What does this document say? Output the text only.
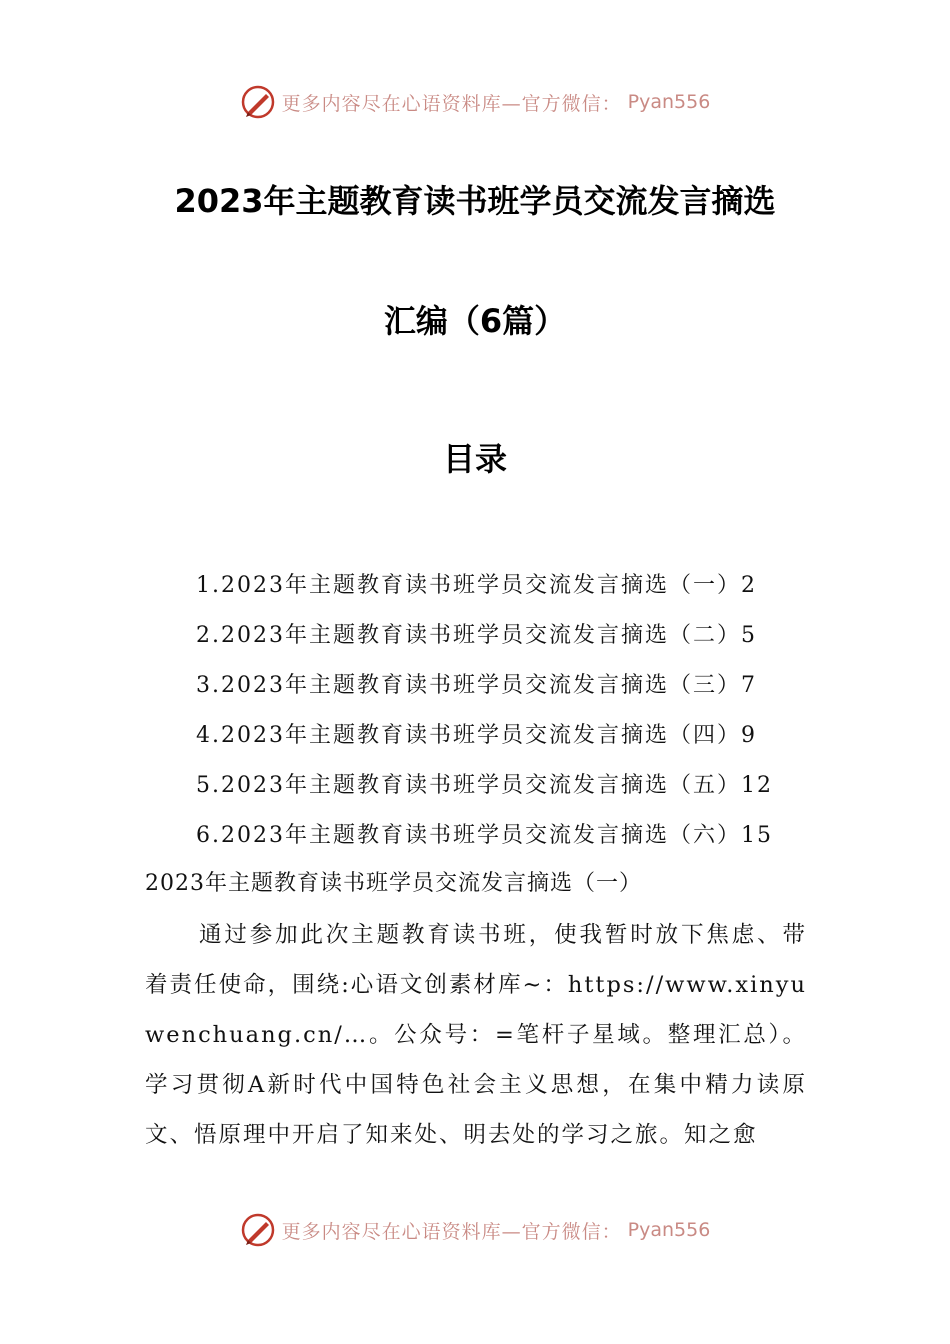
更多内容尽在心语资料库—官方微信： Pyan556
2023年主题教育读书班学员交流发言摘选
汇编（6篇）
目录
1.2023年主题教育读书班学员交流发言摘选（一）2
2.2023年主题教育读书班学员交流发言摘选（二）5
3.2023年主题教育读书班学员交流发言摘选（三）7
4.2023年主题教育读书班学员交流发言摘选（四）9
5.2023年主题教育读书班学员交流发言摘选（五）12
6.2023年主题教育读书班学员交流发言摘选（六）15
2023年主题教育读书班学员交流发言摘选（一）

通过参加此次主题教育读书班，使我暂时放下焦虑、带着责任使命，围绕:心语文创素材库~：https://www.xinyuwenchuang.cn/…。公众号：=笔杆子星域。整理汇总）。学习贯彻A新时代中国特色社会主义思想，在集中精力读原文、悟原理中开启了知来处、明去处的学习之旅。知之愈

更多内容尽在心语资料库—官方微信： Pyan556
